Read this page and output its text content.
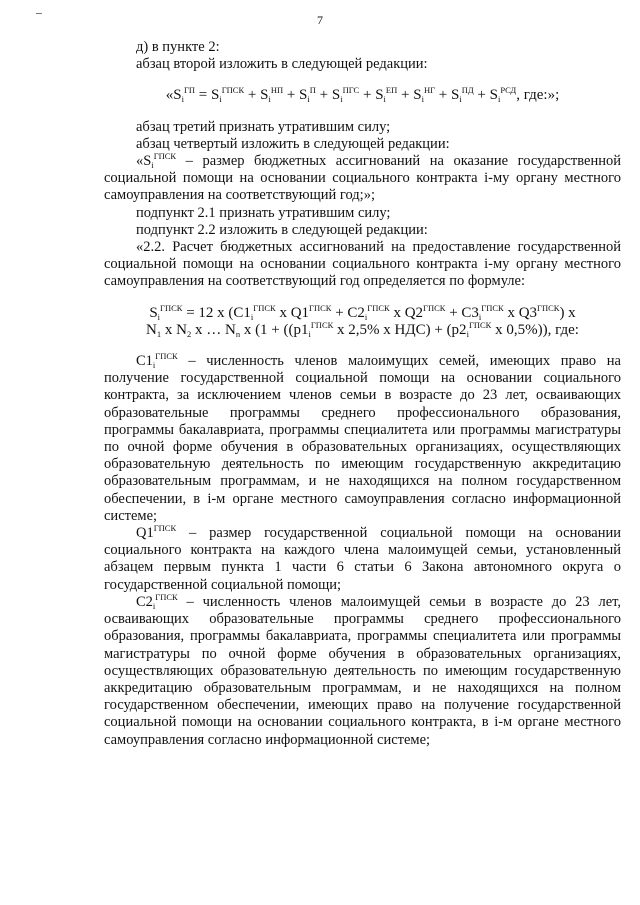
7

д) в пункте 2:

абзац второй изложить в следующей редакции:

«$S_i^{ГП} = S_i^{ГПСК} + S_i^{НП} + S_i^П + S_i^{ПГС} + S_i^{ЕП} + S_i^{НГ} + S_i^{ПД} + S_i^{РСД}$, где:»;

абзац третий признать утратившим силу;

абзац четвертый изложить в следующей редакции:

«$S_i^{ГПСК}$ – размер бюджетных ассигнований на оказание государственной социальной помощи на основании социального контракта i-му органу местного самоуправления на соответствующий год;»;

подпункт 2.1 признать утратившим силу;

подпункт 2.2 изложить в следующей редакции:

«2.2. Расчет бюджетных ассигнований на предоставление государственной социальной помощи на основании социального контракта i-му органу местного самоуправления на соответствующий год определяется по формуле:

$S_i^{ГПСК} = 12$ x ($C1_i^{ГПСК}$ x $Q1^{ГПСК} + C2_i^{ГПСК}$ x $Q2^{ГПСК} + C3_i^{ГПСК}$ x $Q3^{ГПСК}$) x

$N_1$ x $N_2$ x … $N_n$ x ($1 + ((p1_i^{ГПСК}$ x 2,5% x $НДС) + (p2_i^{ГПСК}$ x 0,5%)), где:

$C1_i^{ГПСК}$ – численность членов малоимущих семей, имеющих право на получение государственной социальной помощи на основании социального контракта, за исключением членов семьи в возрасте до 23 лет, осваивающих образовательные программы среднего профессионального образования, программы бакалавриата, программы специалитета или программы магистратуры по очной форме обучения в образовательных организациях, осуществляющих образовательную деятельность по имеющим государственную аккредитацию образовательным программам, и не находящихся на полном государственном обеспечении, в i-м органе местного самоуправления согласно информационной системе;

$Q1^{ГПСК}$ – размер государственной социальной помощи на основании социального контракта на каждого члена малоимущей семьи, установленный абзацем первым пункта 1 части 6 статьи 6 Закона автономного округа о государственной социальной помощи;

$C2_i^{ГПСК}$ – численность членов малоимущей семьи в возрасте до 23 лет, осваивающих образовательные программы среднего профессионального образования, программы бакалавриата, программы специалитета или программы магистратуры по очной форме обучения в образовательных организациях, осуществляющих образовательную деятельность по имеющим государственную аккредитацию образовательным программам, и не находящихся на полном государственном обеспечении, имеющих право на получение государственной социальной помощи на основании социального контракта, в i-м органе местного самоуправления согласно информационной системе;
